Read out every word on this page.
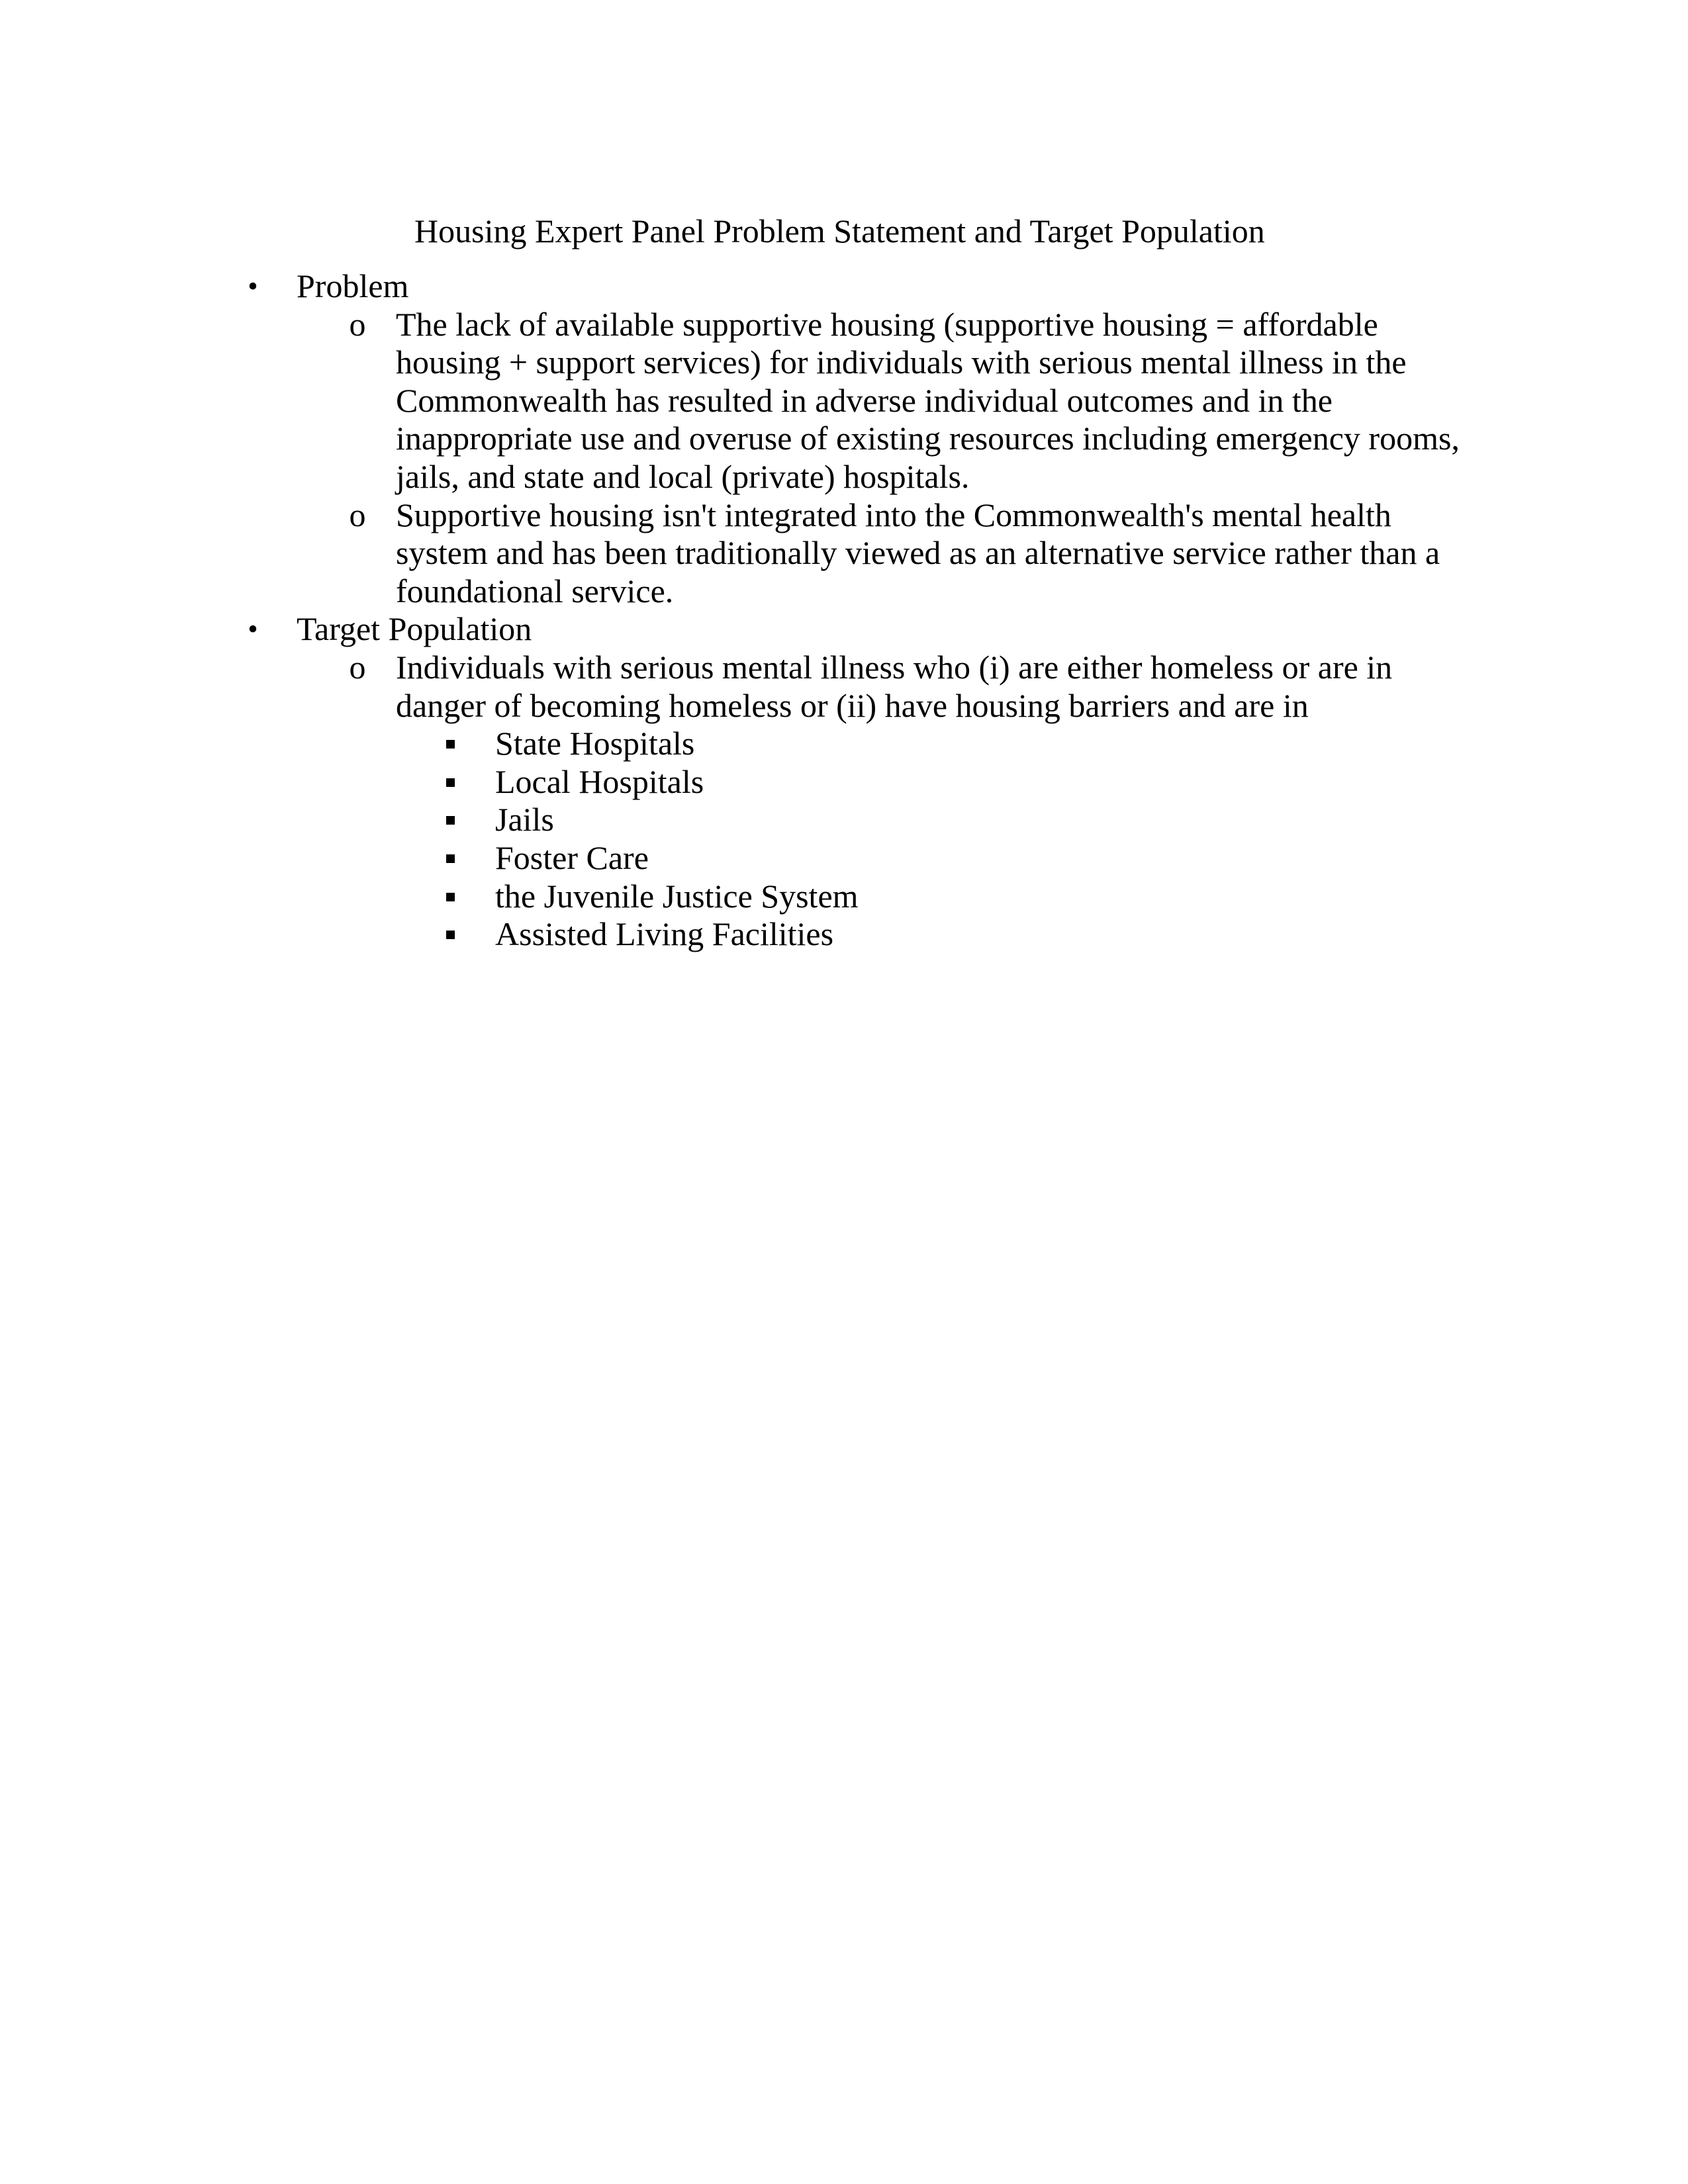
Housing Expert Panel Problem Statement and Target Population
• Problem
o The lack of available supportive housing (supportive housing = affordable housing + support services) for individuals with serious mental illness in the Commonwealth has resulted in adverse individual outcomes and in the inappropriate use and overuse of existing resources including emergency rooms, jails, and state and local (private) hospitals.
o Supportive housing isn't integrated into the Commonwealth's mental health system and has been traditionally viewed as an alternative service rather than a foundational service.
• Target Population
o Individuals with serious mental illness who (i) are either homeless or are in danger of becoming homeless or (ii) have housing barriers and are in
State Hospitals
Local Hospitals
Jails
Foster Care
the Juvenile Justice System
Assisted Living Facilities
